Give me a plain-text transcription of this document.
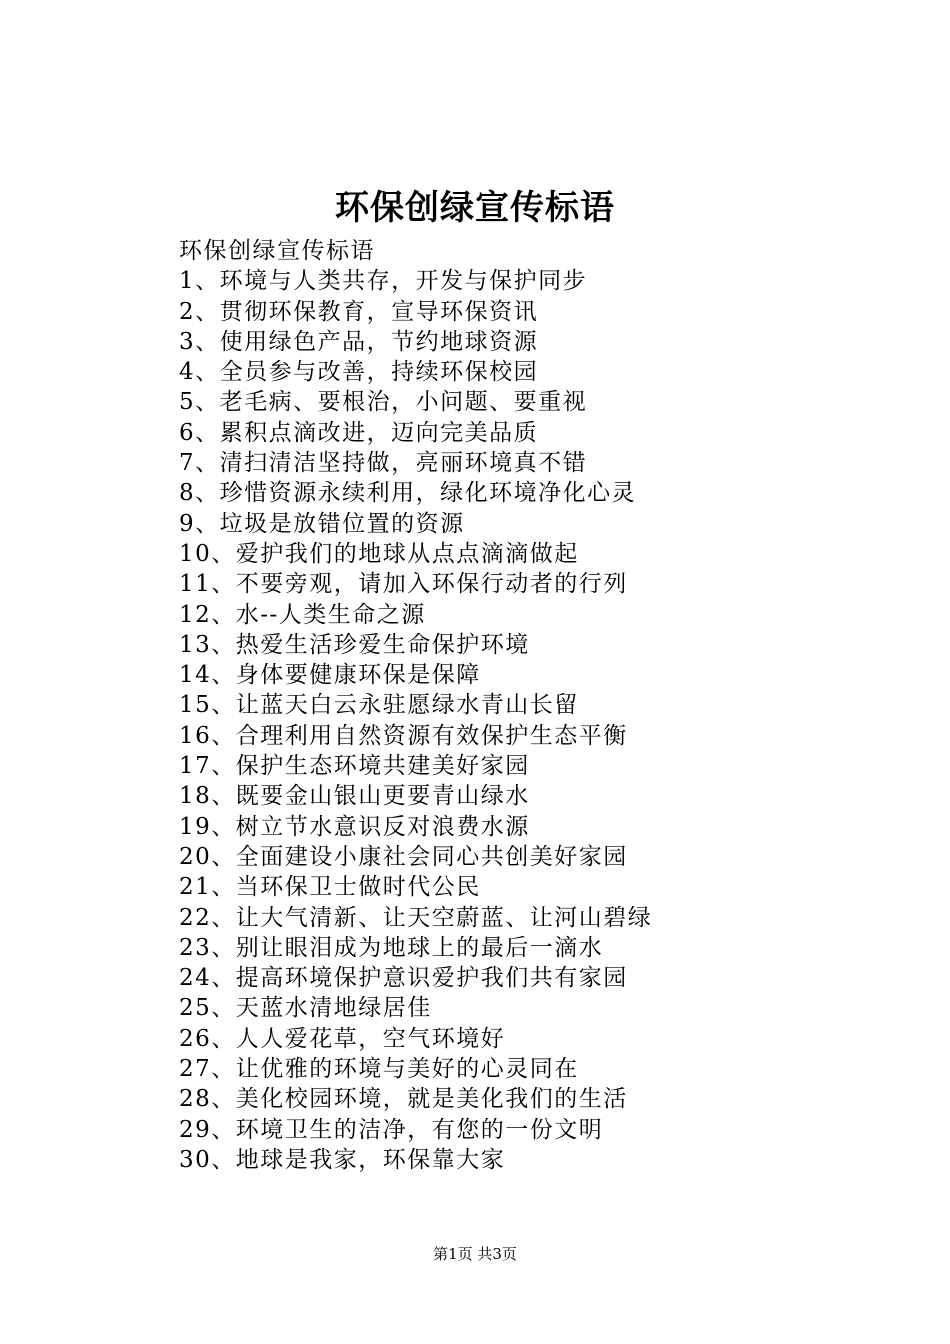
环保创绿宣传标语
环保创绿宣传标语
1、环境与人类共存，开发与保护同步
2、贯彻环保教育，宣导环保资讯
3、使用绿色产品，节约地球资源
4、全员参与改善，持续环保校园
5、老毛病、要根治，小问题、要重视
6、累积点滴改进，迈向完美品质
7、清扫清洁坚持做，亮丽环境真不错
8、珍惜资源永续利用，绿化环境净化心灵
9、垃圾是放错位置的资源
10、爱护我们的地球从点点滴滴做起
11、不要旁观，请加入环保行动者的行列
12、水--人类生命之源
13、热爱生活珍爱生命保护环境
14、身体要健康环保是保障
15、让蓝天白云永驻愿绿水青山长留
16、合理利用自然资源有效保护生态平衡
17、保护生态环境共建美好家园
18、既要金山银山更要青山绿水
19、树立节水意识反对浪费水源
20、全面建设小康社会同心共创美好家园
21、当环保卫士做时代公民
22、让大气清新、让天空蔚蓝、让河山碧绿
23、别让眼泪成为地球上的最后一滴水
24、提高环境保护意识爱护我们共有家园
25、天蓝水清地绿居佳
26、人人爱花草，空气环境好
27、让优雅的环境与美好的心灵同在
28、美化校园环境，就是美化我们的生活
29、环境卫生的洁净，有您的一份文明
30、地球是我家，环保靠大家
第1页 共3页
